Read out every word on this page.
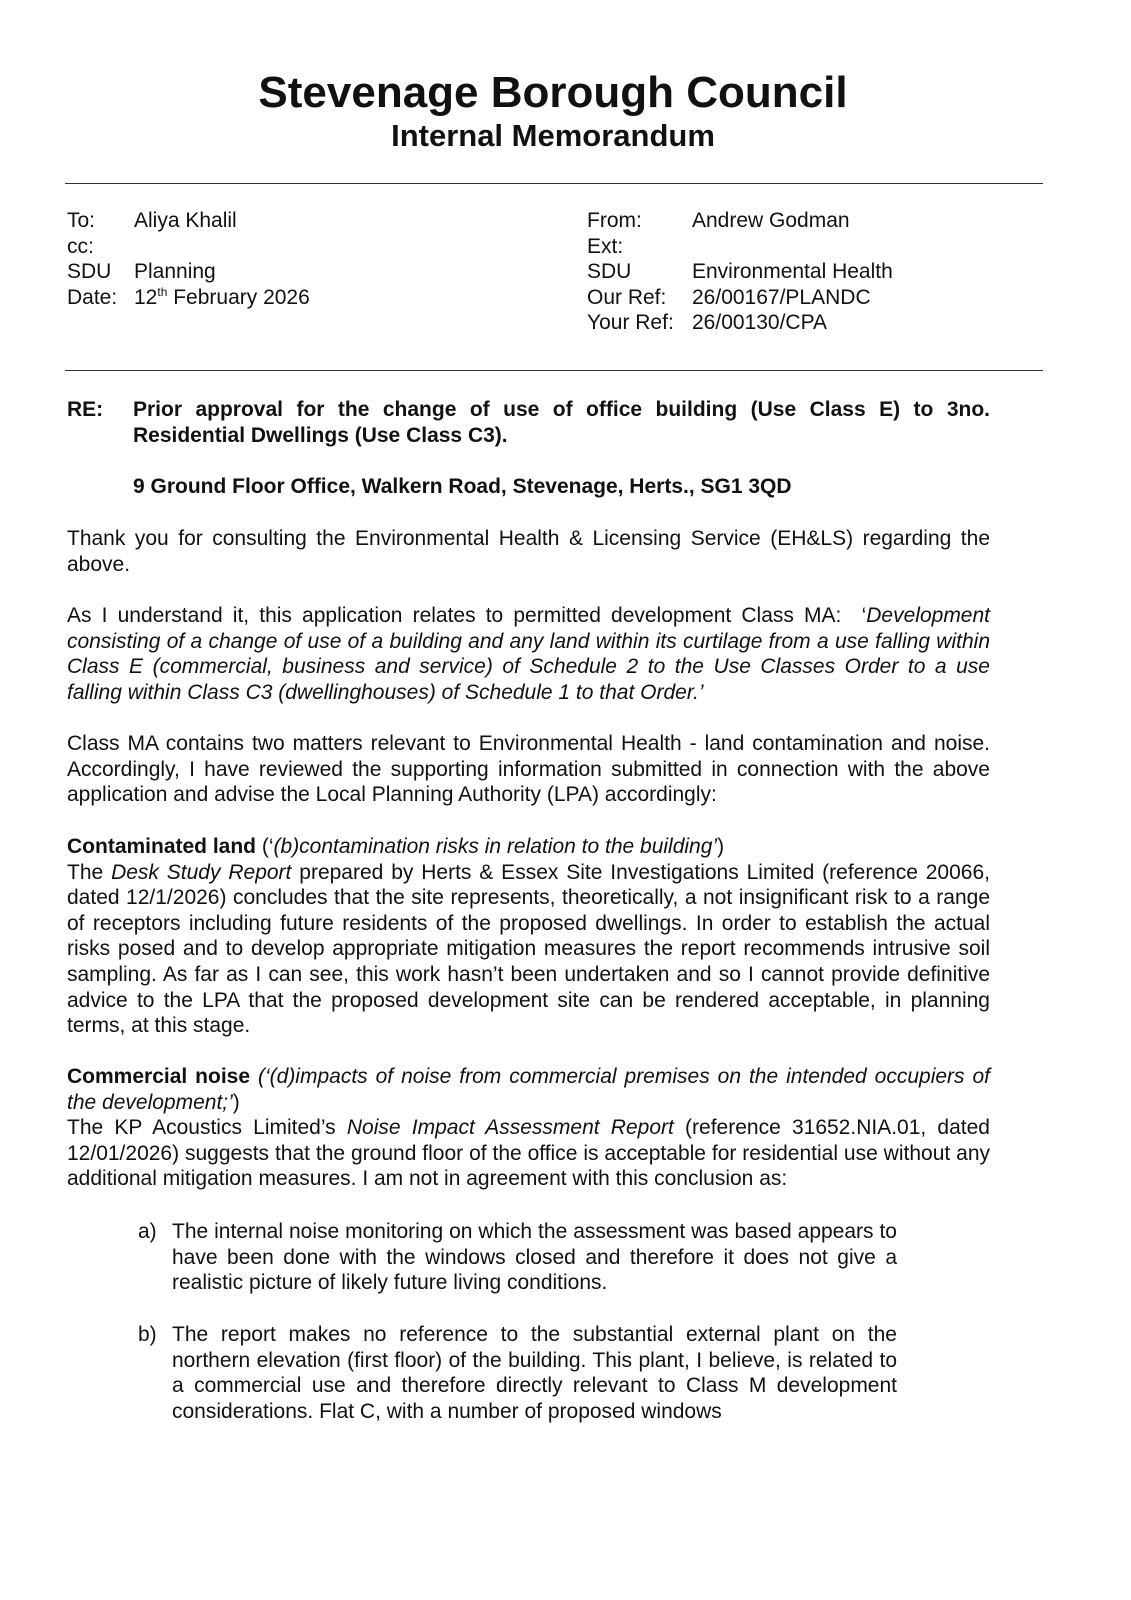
Stevenage Borough Council
Internal Memorandum
To:	Aliya Khalil
cc:
SDU	Planning
Date: 12th February 2026
From:	Andrew Godman
Ext:
SDU	Environmental Health
Our Ref:	26/00167/PLANDC
Your Ref: 26/00130/CPA
RE:	Prior approval for the change of use of office building (Use Class E) to 3no. Residential Dwellings (Use Class C3).
9 Ground Floor Office, Walkern Road, Stevenage, Herts., SG1 3QD

Thank you for consulting the Environmental Health & Licensing Service (EH&LS) regarding the above.

As I understand it, this application relates to permitted development Class MA:  ‘Development consisting of a change of use of a building and any land within its curtilage from a use falling within Class E (commercial, business and service) of Schedule 2 to the Use Classes Order to a use falling within Class C3 (dwellinghouses) of Schedule 1 to that Order.’

Class MA contains two matters relevant to Environmental Health - land contamination and noise. Accordingly, I have reviewed the supporting information submitted in connection with the above application and advise the Local Planning Authority (LPA) accordingly:

Contaminated land (‘(b)contamination risks in relation to the building’)

The Desk Study Report prepared by Herts & Essex Site Investigations Limited (reference 20066, dated 12/1/2026) concludes that the site represents, theoretically, a not insignificant risk to a range of receptors including future residents of the proposed dwellings. In order to establish the actual risks posed and to develop appropriate mitigation measures the report recommends intrusive soil sampling. As far as I can see, this work hasn’t been undertaken and so I cannot provide definitive advice to the LPA that the proposed development site can be rendered acceptable, in planning terms, at this stage.

Commercial noise (‘(d)impacts of noise from commercial premises on the intended occupiers of the development;’)

The KP Acoustics Limited’s Noise Impact Assessment Report (reference 31652.NIA.01, dated 12/01/2026) suggests that the ground floor of the office is acceptable for residential use without any additional mitigation measures. I am not in agreement with this conclusion as:

a) The internal noise monitoring on which the assessment was based appears to have been done with the windows closed and therefore it does not give a realistic picture of likely future living conditions.
b) The report makes no reference to the substantial external plant on the northern elevation (first floor) of the building. This plant, I believe, is related to a commercial use and therefore directly relevant to Class M development considerations. Flat C, with a number of proposed windows
